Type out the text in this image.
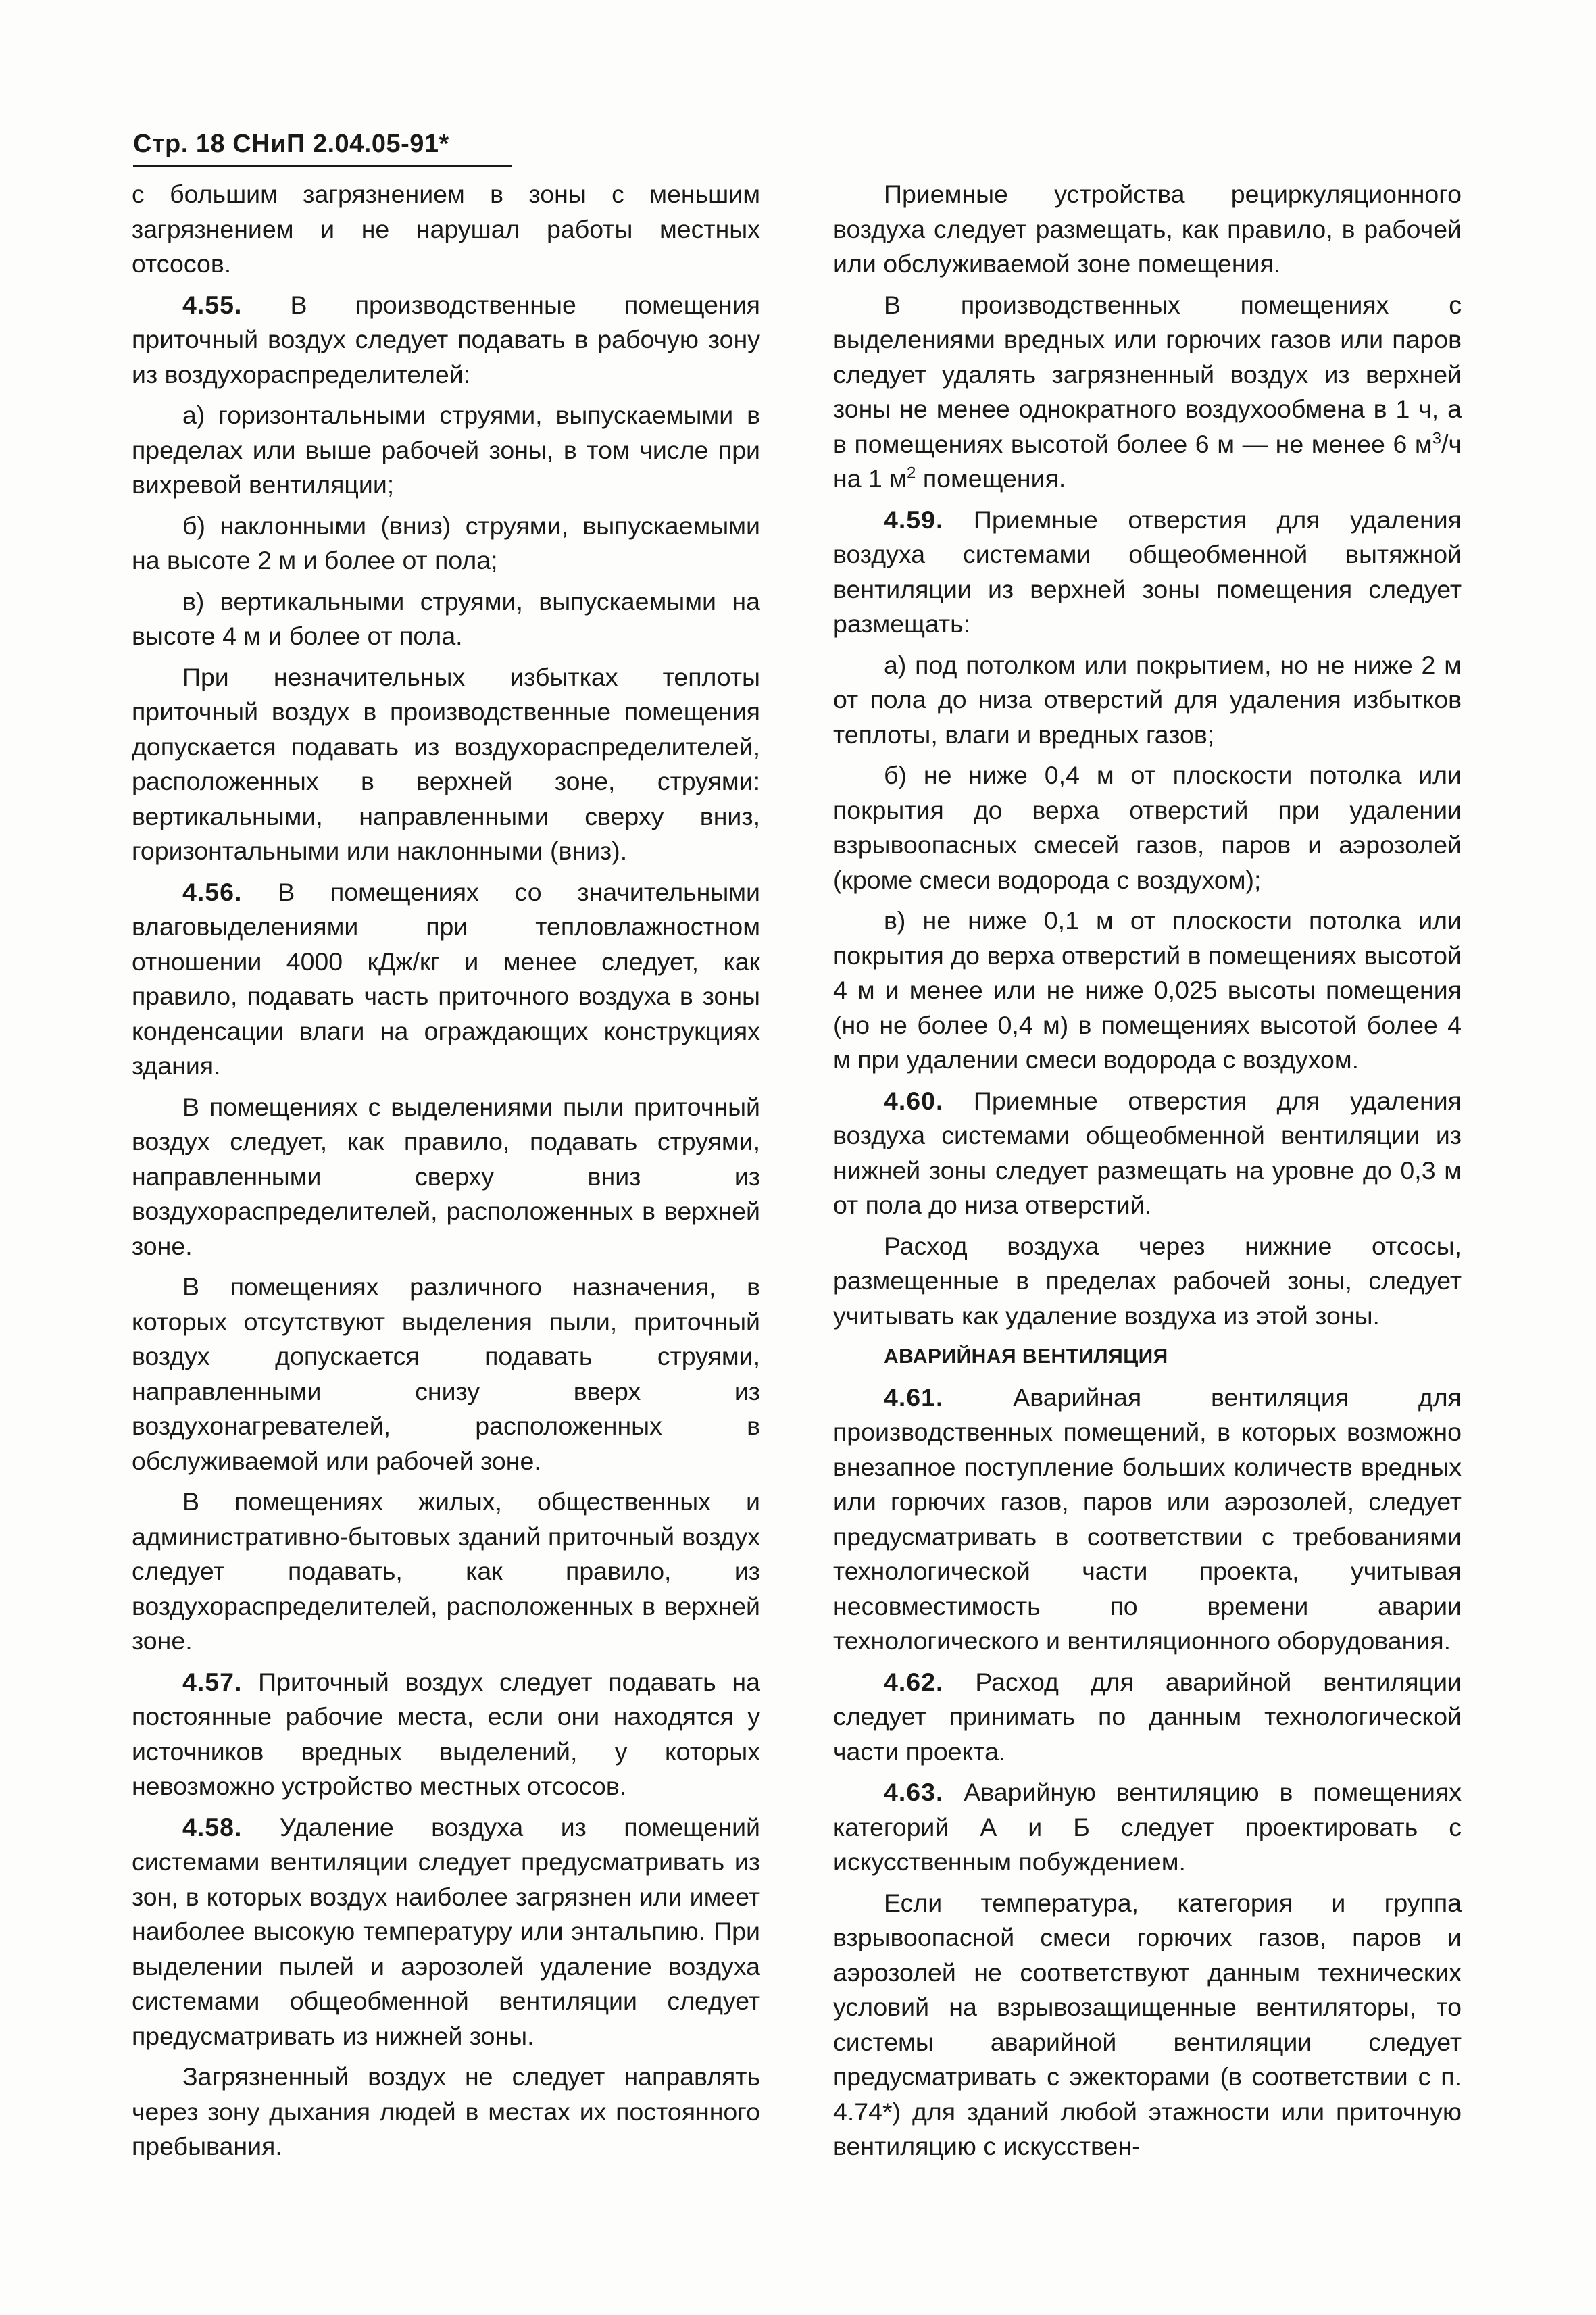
Стр. 18 СНиП 2.04.05-91*

с большим загрязнением в зоны с меньшим загрязнением и не нарушал работы местных отсосов.

4.55. В производственные помещения приточный воздух следует подавать в рабочую зону из воздухораспределителей:

а) горизонтальными струями, выпускаемыми в пределах или выше рабочей зоны, в том числе при вихревой вентиляции;

б) наклонными (вниз) струями, выпускаемыми на высоте 2 м и более от пола;

в) вертикальными струями, выпускаемыми на высоте 4 м и более от пола.

При незначительных избытках теплоты приточный воздух в производственные помещения допускается подавать из воздухораспределителей, расположенных в верхней зоне, струями: вертикальными, направленными сверху вниз, горизонтальными или наклонными (вниз).

4.56. В помещениях со значительными влаговыделениями при тепловлажностном отношении 4000 кДж/кг и менее следует, как правило, подавать часть приточного воздуха в зоны конденсации влаги на ограждающих конструкциях здания.

В помещениях с выделениями пыли приточный воздух следует, как правило, подавать струями, направленными сверху вниз из воздухораспределителей, расположенных в верхней зоне.

В помещениях различного назначения, в которых отсутствуют выделения пыли, приточный воздух допускается подавать струями, направленными снизу вверх из воздухонагревателей, расположенных в обслуживаемой или рабочей зоне.

В помещениях жилых, общественных и административно-бытовых зданий приточный воздух следует подавать, как правило, из воздухораспределителей, расположенных в верхней зоне.

4.57. Приточный воздух следует подавать на постоянные рабочие места, если они находятся у источников вредных выделений, у которых невозможно устройство местных отсосов.

4.58. Удаление воздуха из помещений системами вентиляции следует предусматривать из зон, в которых воздух наиболее загрязнен или имеет наиболее высокую температуру или энтальпию. При выделении пылей и аэрозолей удаление воздуха системами общеобменной вентиляции следует предусматривать из нижней зоны.

Загрязненный воздух не следует направлять через зону дыхания людей в местах их постоянного пребывания.

Приемные устройства рециркуляционного воздуха следует размещать, как правило, в рабочей или обслуживаемой зоне помещения.

В производственных помещениях с выделениями вредных или горючих газов или паров следует удалять загрязненный воздух из верхней зоны не менее однократного воздухообмена в 1 ч, а в помещениях высотой более 6 м — не менее 6 $м^3/ч$ на 1 $м^2$ помещения.

4.59. Приемные отверстия для удаления воздуха системами общеобменной вытяжной вентиляции из верхней зоны помещения следует размещать:

а) под потолком или покрытием, но не ниже 2 м от пола до низа отверстий для удаления избытков теплоты, влаги и вредных газов;

б) не ниже 0,4 м от плоскости потолка или покрытия до верха отверстий при удалении взрывоопасных смесей газов, паров и аэрозолей (кроме смеси водорода с воздухом);

в) не ниже 0,1 м от плоскости потолка или покрытия до верха отверстий в помещениях высотой 4 м и менее или не ниже 0,025 высоты помещения (но не более 0,4 м) в помещениях высотой более 4 м при удалении смеси водорода с воздухом.

4.60. Приемные отверстия для удаления воздуха системами общеобменной вентиляции из нижней зоны следует размещать на уровне до 0,3 м от пола до низа отверстий.

Расход воздуха через нижние отсосы, размещенные в пределах рабочей зоны, следует учитывать как удаление воздуха из этой зоны.

АВАРИЙНАЯ ВЕНТИЛЯЦИЯ

4.61. Аварийная вентиляция для производственных помещений, в которых возможно внезапное поступление больших количеств вредных или горючих газов, паров или аэрозолей, следует предусматривать в соответствии с требованиями технологической части проекта, учитывая несовместимость по времени аварии технологического и вентиляционного оборудования.

4.62. Расход для аварийной вентиляции следует принимать по данным технологической части проекта.

4.63. Аварийную вентиляцию в помещениях категорий А и Б следует проектировать с искусственным побуждением.

Если температура, категория и группа взрывоопасной смеси горючих газов, паров и аэрозолей не соответствуют данным технических условий на взрывозащищенные вентиляторы, то системы аварийной вентиляции следует предусматривать с эжекторами (в соответствии с п. 4.74*) для зданий любой этажности или приточную вентиляцию с искусствен-
